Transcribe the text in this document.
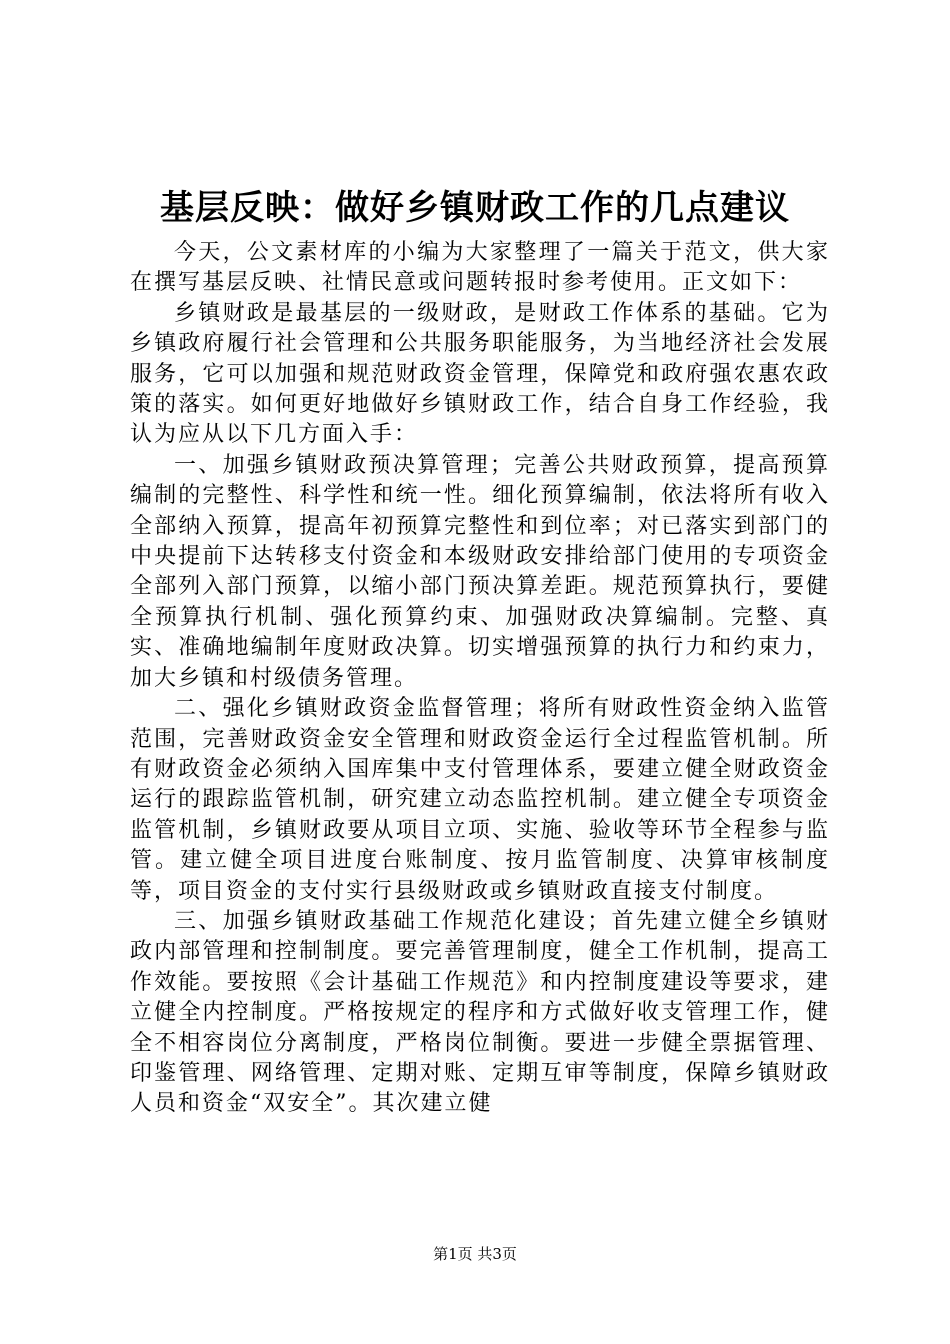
基层反映：做好乡镇财政工作的几点建议

今天，公文素材库的小编为大家整理了一篇关于范文，供大家在撰写基层反映、社情民意或问题转报时参考使用。正文如下：

乡镇财政是最基层的一级财政，是财政工作体系的基础。它为乡镇政府履行社会管理和公共服务职能服务，为当地经济社会发展服务，它可以加强和规范财政资金管理，保障党和政府强农惠农政策的落实。如何更好地做好乡镇财政工作，结合自身工作经验，我认为应从以下几方面入手：

一、加强乡镇财政预决算管理；完善公共财政预算，提高预算编制的完整性、科学性和统一性。细化预算编制，依法将所有收入全部纳入预算，提高年初预算完整性和到位率；对已落实到部门的中央提前下达转移支付资金和本级财政安排给部门使用的专项资金全部列入部门预算，以缩小部门预决算差距。规范预算执行，要健全预算执行机制、强化预算约束、加强财政决算编制。完整、真实、准确地编制年度财政决算。切实增强预算的执行力和约束力，加大乡镇和村级债务管理。

二、强化乡镇财政资金监督管理；将所有财政性资金纳入监管范围，完善财政资金安全管理和财政资金运行全过程监管机制。所有财政资金必须纳入国库集中支付管理体系，要建立健全财政资金运行的跟踪监管机制，研究建立动态监控机制。建立健全专项资金监管机制，乡镇财政要从项目立项、实施、验收等环节全程参与监管。建立健全项目进度台账制度、按月监管制度、决算审核制度等，项目资金的支付实行县级财政或乡镇财政直接支付制度。

三、加强乡镇财政基础工作规范化建设；首先建立健全乡镇财政内部管理和控制制度。要完善管理制度，健全工作机制，提高工作效能。要按照《会计基础工作规范》和内控制度建设等要求，建立健全内控制度。严格按规定的程序和方式做好收支管理工作，健全不相容岗位分离制度，严格岗位制衡。要进一步健全票据管理、印鉴管理、网络管理、定期对账、定期互审等制度，保障乡镇财政人员和资金“双安全”。其次建立健

第1页 共3页
